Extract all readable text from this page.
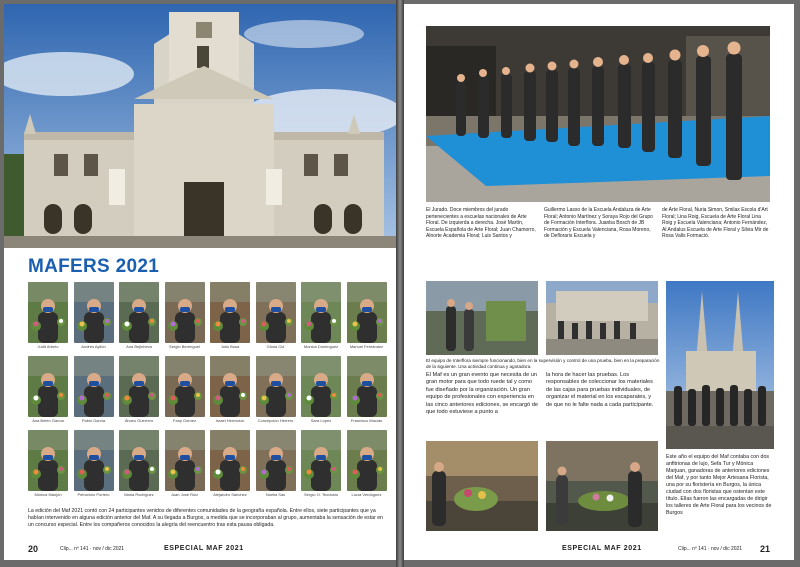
MAFERS 2021
Judit Arbelo	Andrés Ayllón	Ana Bejinheva	Sergio Berenguel	Julio Bosa	Gloria Cid	Monica Dominguez	Manuel Fernández
Ana Belén García	Pablo García	Álvaro Guerrero	Fany Gómez	Israel Hermosín	Concepción Herrero	Sara López	Francisco Macías
Mónica Manjón	Petrocinio Portero	Maria Rodríguez	Juan José Ruiz	Alejandro Sánchez	Noelia Sas	Sergio O. Teodosio	Lucía Verdúguez
La edición del Maf 2021 contó con 24 participantes venidos de diferentes comunidades de la geografía española. Entre ellos, siete participantes que ya habían intervenido en alguna edición anterior del Maf. A su llegada a Burgos, a medida que se incorporaban al grupo, aumentaba la sensación de estar en un concurso especial. Entre los compañeros conocidos la alegría del reencuentro tras esta pausa obligada.
20	Clip... nº 141 · nov / dic 2021	ESPECIAL MAF 2021
El Jurado. Doce miembros del jurado pertenecientes a escuelas nacionales de Arte Floral. De izquierda a derecha. José Martín, Escuela Española de Arte Floral; Juan Chamorro, Alnorte Academia Floral; Luis Santos y
Guillermo Lasso de la Escuela Andaluza de Arte Floral; Antonio Martínez y Soraya Rojo del Grupo de Formación Interflora. Juanba Bosch de JB Formación y Escuela Valenciana, Rosa Moreno, de Defloraris Escuela y
de Arte Floral, Nuria Simon, Smilax Escola d'Art Floral; Lina Roig, Escuela de Arte Floral Lina Roig y Escuela Valenciana; Antonio Fernández, Al Andalus Escuela de Arte Floral y Silvia Mir de Rosa Valls Formació.
El equipo de Interflora siempre funcionando, bien en la supervisión y control de una prueba, bien en la preparación de la siguiente. Una actividad continua y agotadora.
El Maf es un gran evento que necesita de un gran motor para que todo ruede tal y como fue diseñado por la organización. Un gran equipo de profesionales con experiencia en las cinco anteriores ediciones, se encargó de que todo estuviese a punto a
la hora de hacer las pruebas. Los responsables de coleccionar los materiales de las cajas para pruebas individuales, de organizar el material en los escaparates, y de que no le falte nada a cada participante.
Este año el equipo del Maf contaba con dos anfitrionas de lujo, Sefa Tur y Mónica Marjuan, ganadoras de anteriores ediciones del Maf, y por tanto Mejor Artesana Florista, una por su floristería en Burgos, la única ciudad con dos floristas que ostentan este título. Ellas fueron las encargadas de dirigir los talleres de Arte Floral para los vecinos de Burgos
ESPECIAL MAF 2021	Clip... nº 141 · nov / dic 2021 21
